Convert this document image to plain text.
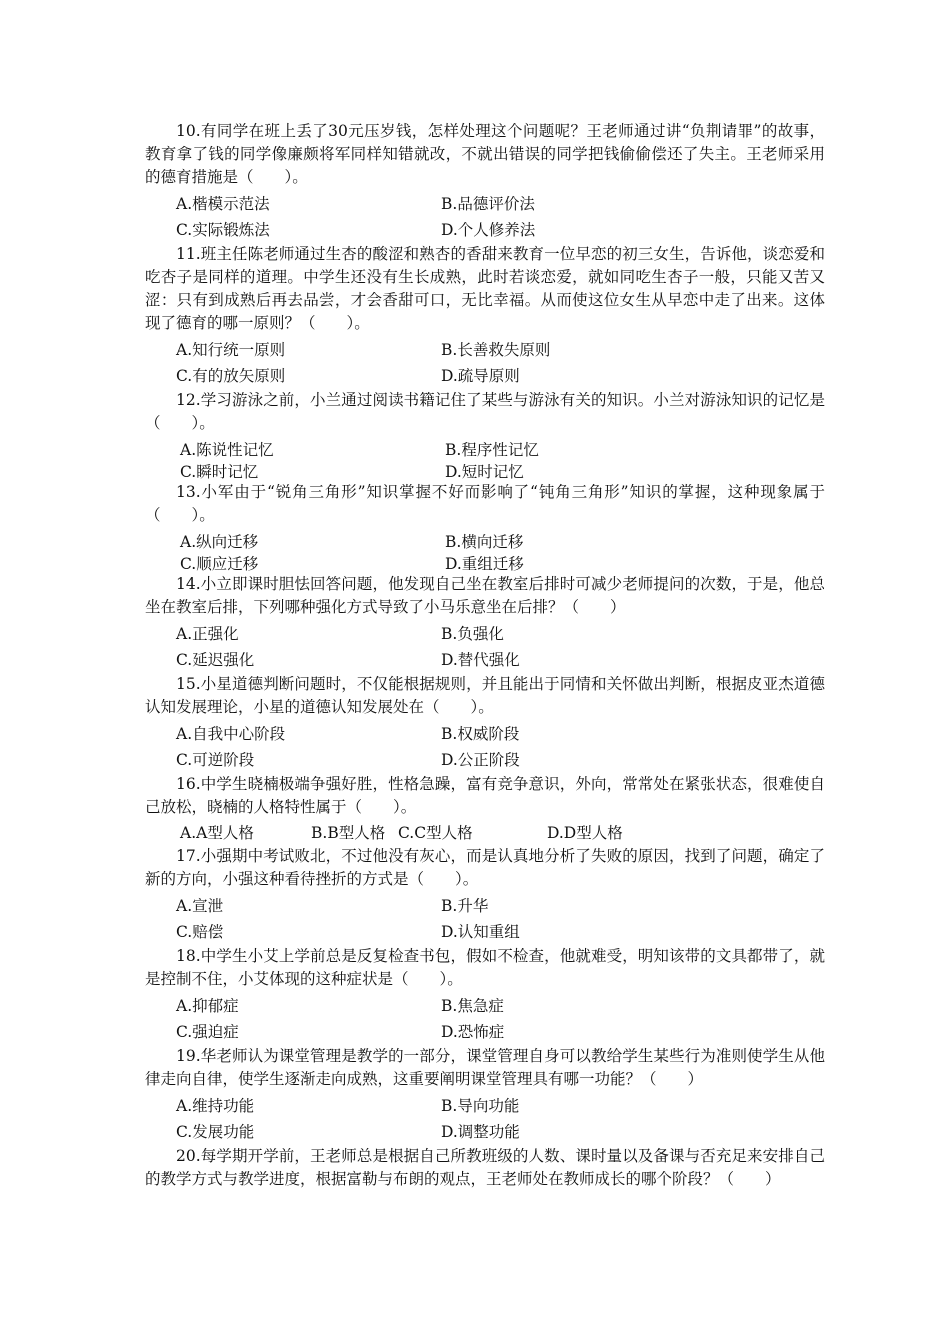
10.有同学在班上丢了30元压岁钱，怎样处理这个问题呢？王老师通过讲“负荆请罪”的故事，教育拿了钱的同学像廉颇将军同样知错就改，不就出错误的同学把钱偷偷偿还了失主。王老师采用的德育措施是（　　）。

A.楷模示范法	B.品德评价法
C.实际锻炼法	D.个人修养法

11.班主任陈老师通过生杏的酸涩和熟杏的香甜来教育一位早恋的初三女生，告诉他，谈恋爱和吃杏子是同样的道理。中学生还没有生长成熟，此时若谈恋爱，就如同吃生杏子一般，只能又苦又涩：只有到成熟后再去品尝，才会香甜可口，无比幸福。从而使这位女生从早恋中走了出来。这体现了德育的哪一原则？（　　）。

A.知行统一原则	B.长善救失原则
C.有的放矢原则	D.疏导原则

12.学习游泳之前，小兰通过阅读书籍记住了某些与游泳有关的知识。小兰对游泳知识的记忆是（　　）。

A.陈说性记忆	B.程序性记忆
C.瞬时记忆	D.短时记忆

13.小军由于“锐角三角形”知识掌握不好而影响了“钝角三角形”知识的掌握，这种现象属于（　　）。

A.纵向迁移	B.横向迁移
C.顺应迁移	D.重组迁移

14.小立即课时胆怯回答问题，他发现自己坐在教室后排时可减少老师提问的次数，于是，他总坐在教室后排，下列哪种强化方式导致了小马乐意坐在后排？（　　）

A.正强化	B.负强化
C.延迟强化	D.替代强化

15.小星道德判断问题时，不仅能根据规则，并且能出于同情和关怀做出判断，根据皮亚杰道德认知发展理论，小星的道德认知发展处在（　　）。

A.自我中心阶段	B.权威阶段
C.可逆阶段	D.公正阶段

16.中学生晓楠极端争强好胜，性格急躁，富有竞争意识，外向，常常处在紧张状态，很难使自己放松，晓楠的人格特性属于（　　）。

A.A型人格	B.B型人格 C.C型人格	D.D型人格

17.小强期中考试败北，不过他没有灰心，而是认真地分析了失败的原因，找到了问题，确定了新的方向，小强这种看待挫折的方式是（　　）。

A.宣泄	B.升华
C.赔偿	D.认知重组

18.中学生小艾上学前总是反复检查书包，假如不检查，他就难受，明知该带的文具都带了，就是控制不住，小艾体现的这种症状是（　　）。

A.抑郁症	B.焦急症
C.强迫症	D.恐怖症

19.华老师认为课堂管理是教学的一部分，课堂管理自身可以教给学生某些行为准则使学生从他律走向自律，使学生逐渐走向成熟，这重要阐明课堂管理具有哪一功能？（　　）

A.维持功能	B.导向功能
C.发展功能	D.调整功能

20.每学期开学前，王老师总是根据自己所教班级的人数、课时量以及备课与否充足来安排自己的教学方式与教学进度，根据富勒与布朗的观点，王老师处在教师成长的哪个阶段？（　　）
